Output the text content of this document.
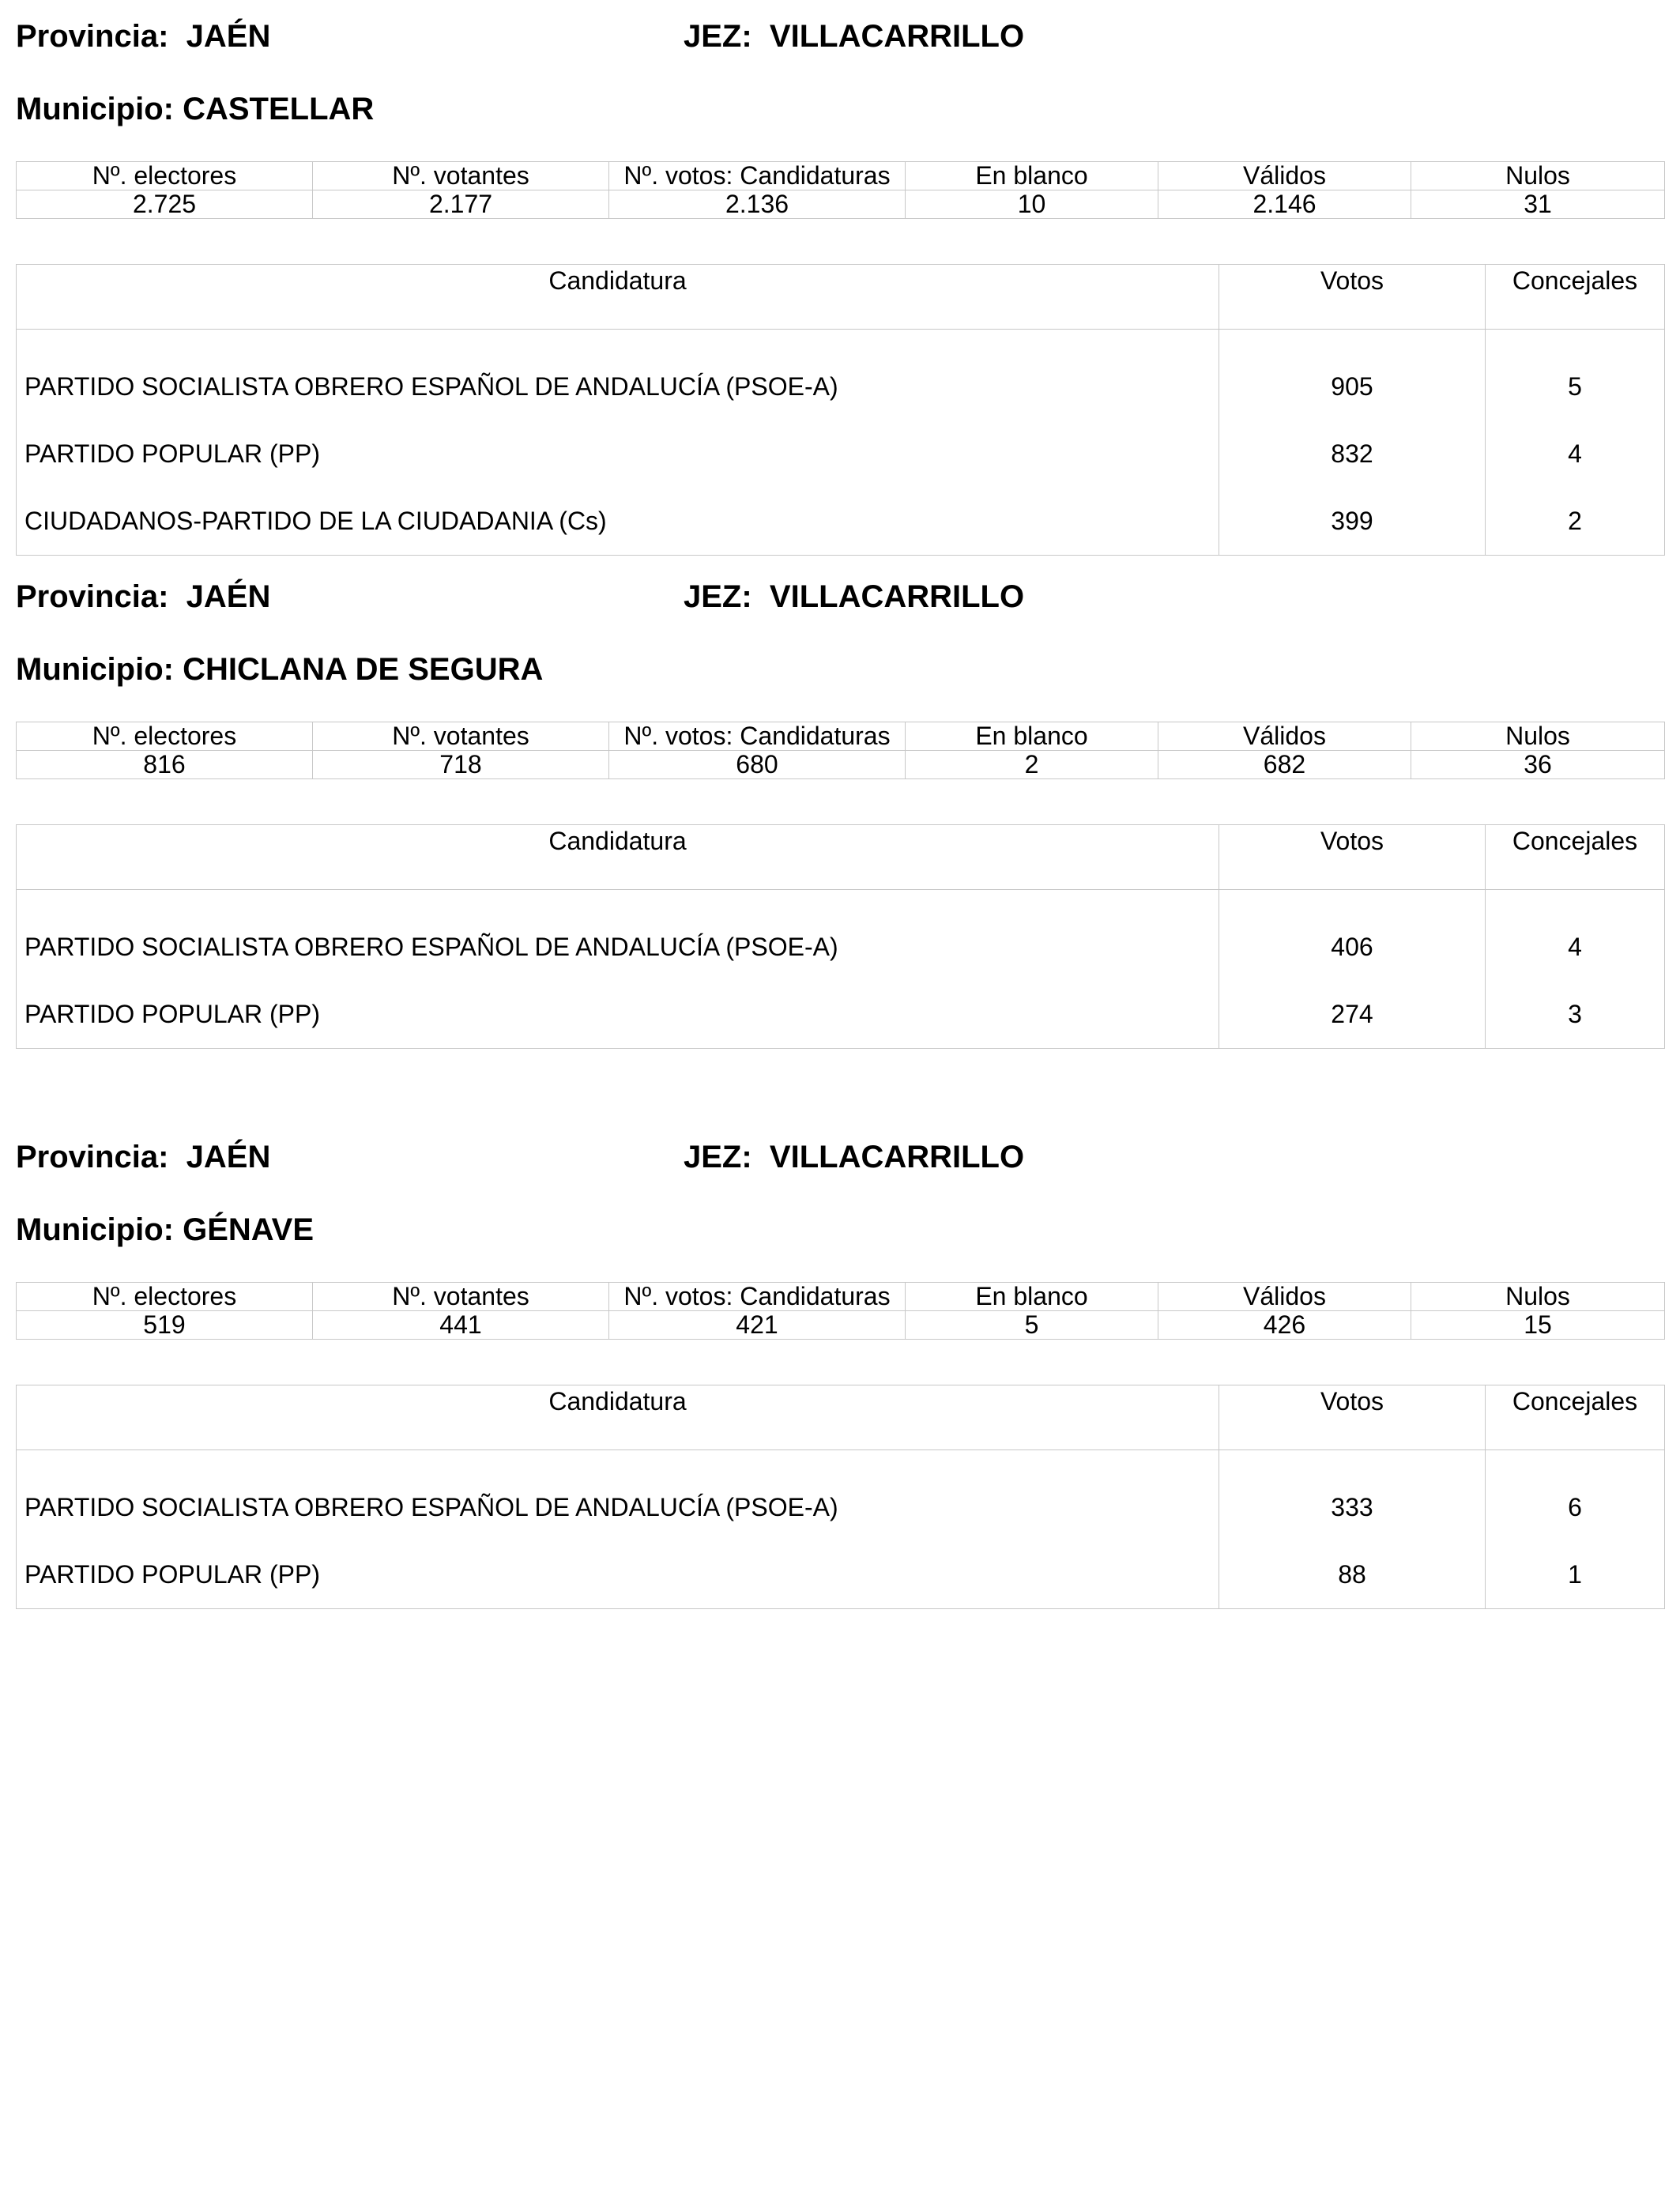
Provincia:  JAÉN	JEZ:  VILLACARRILLO
Municipio: CASTELLAR
Nº. electores	Nº. votantes	Nº. votos: Candidaturas	En blanco	Válidos	Nulos
2.725	2.177	2.136	10	2.146	31
Candidatura	Votos	Concejales
PARTIDO SOCIALISTA OBRERO ESPAÑOL DE ANDALUCÍA (PSOE-A)	905	5
PARTIDO POPULAR (PP)	832	4
CIUDADANOS-PARTIDO DE LA CIUDADANIA (Cs)	399	2
Provincia:  JAÉN	JEZ:  VILLACARRILLO
Municipio: CHICLANA DE SEGURA
Nº. electores	Nº. votantes	Nº. votos: Candidaturas	En blanco	Válidos	Nulos
816	718	680	2	682	36
Candidatura	Votos	Concejales
PARTIDO SOCIALISTA OBRERO ESPAÑOL DE ANDALUCÍA (PSOE-A)	406	4
PARTIDO POPULAR (PP)	274	3
Provincia:  JAÉN	JEZ:  VILLACARRILLO
Municipio: GÉNAVE
Nº. electores	Nº. votantes	Nº. votos: Candidaturas	En blanco	Válidos	Nulos
519	441	421	5	426	15
Candidatura	Votos	Concejales
PARTIDO SOCIALISTA OBRERO ESPAÑOL DE ANDALUCÍA (PSOE-A)	333	6
PARTIDO POPULAR (PP)	88	1
